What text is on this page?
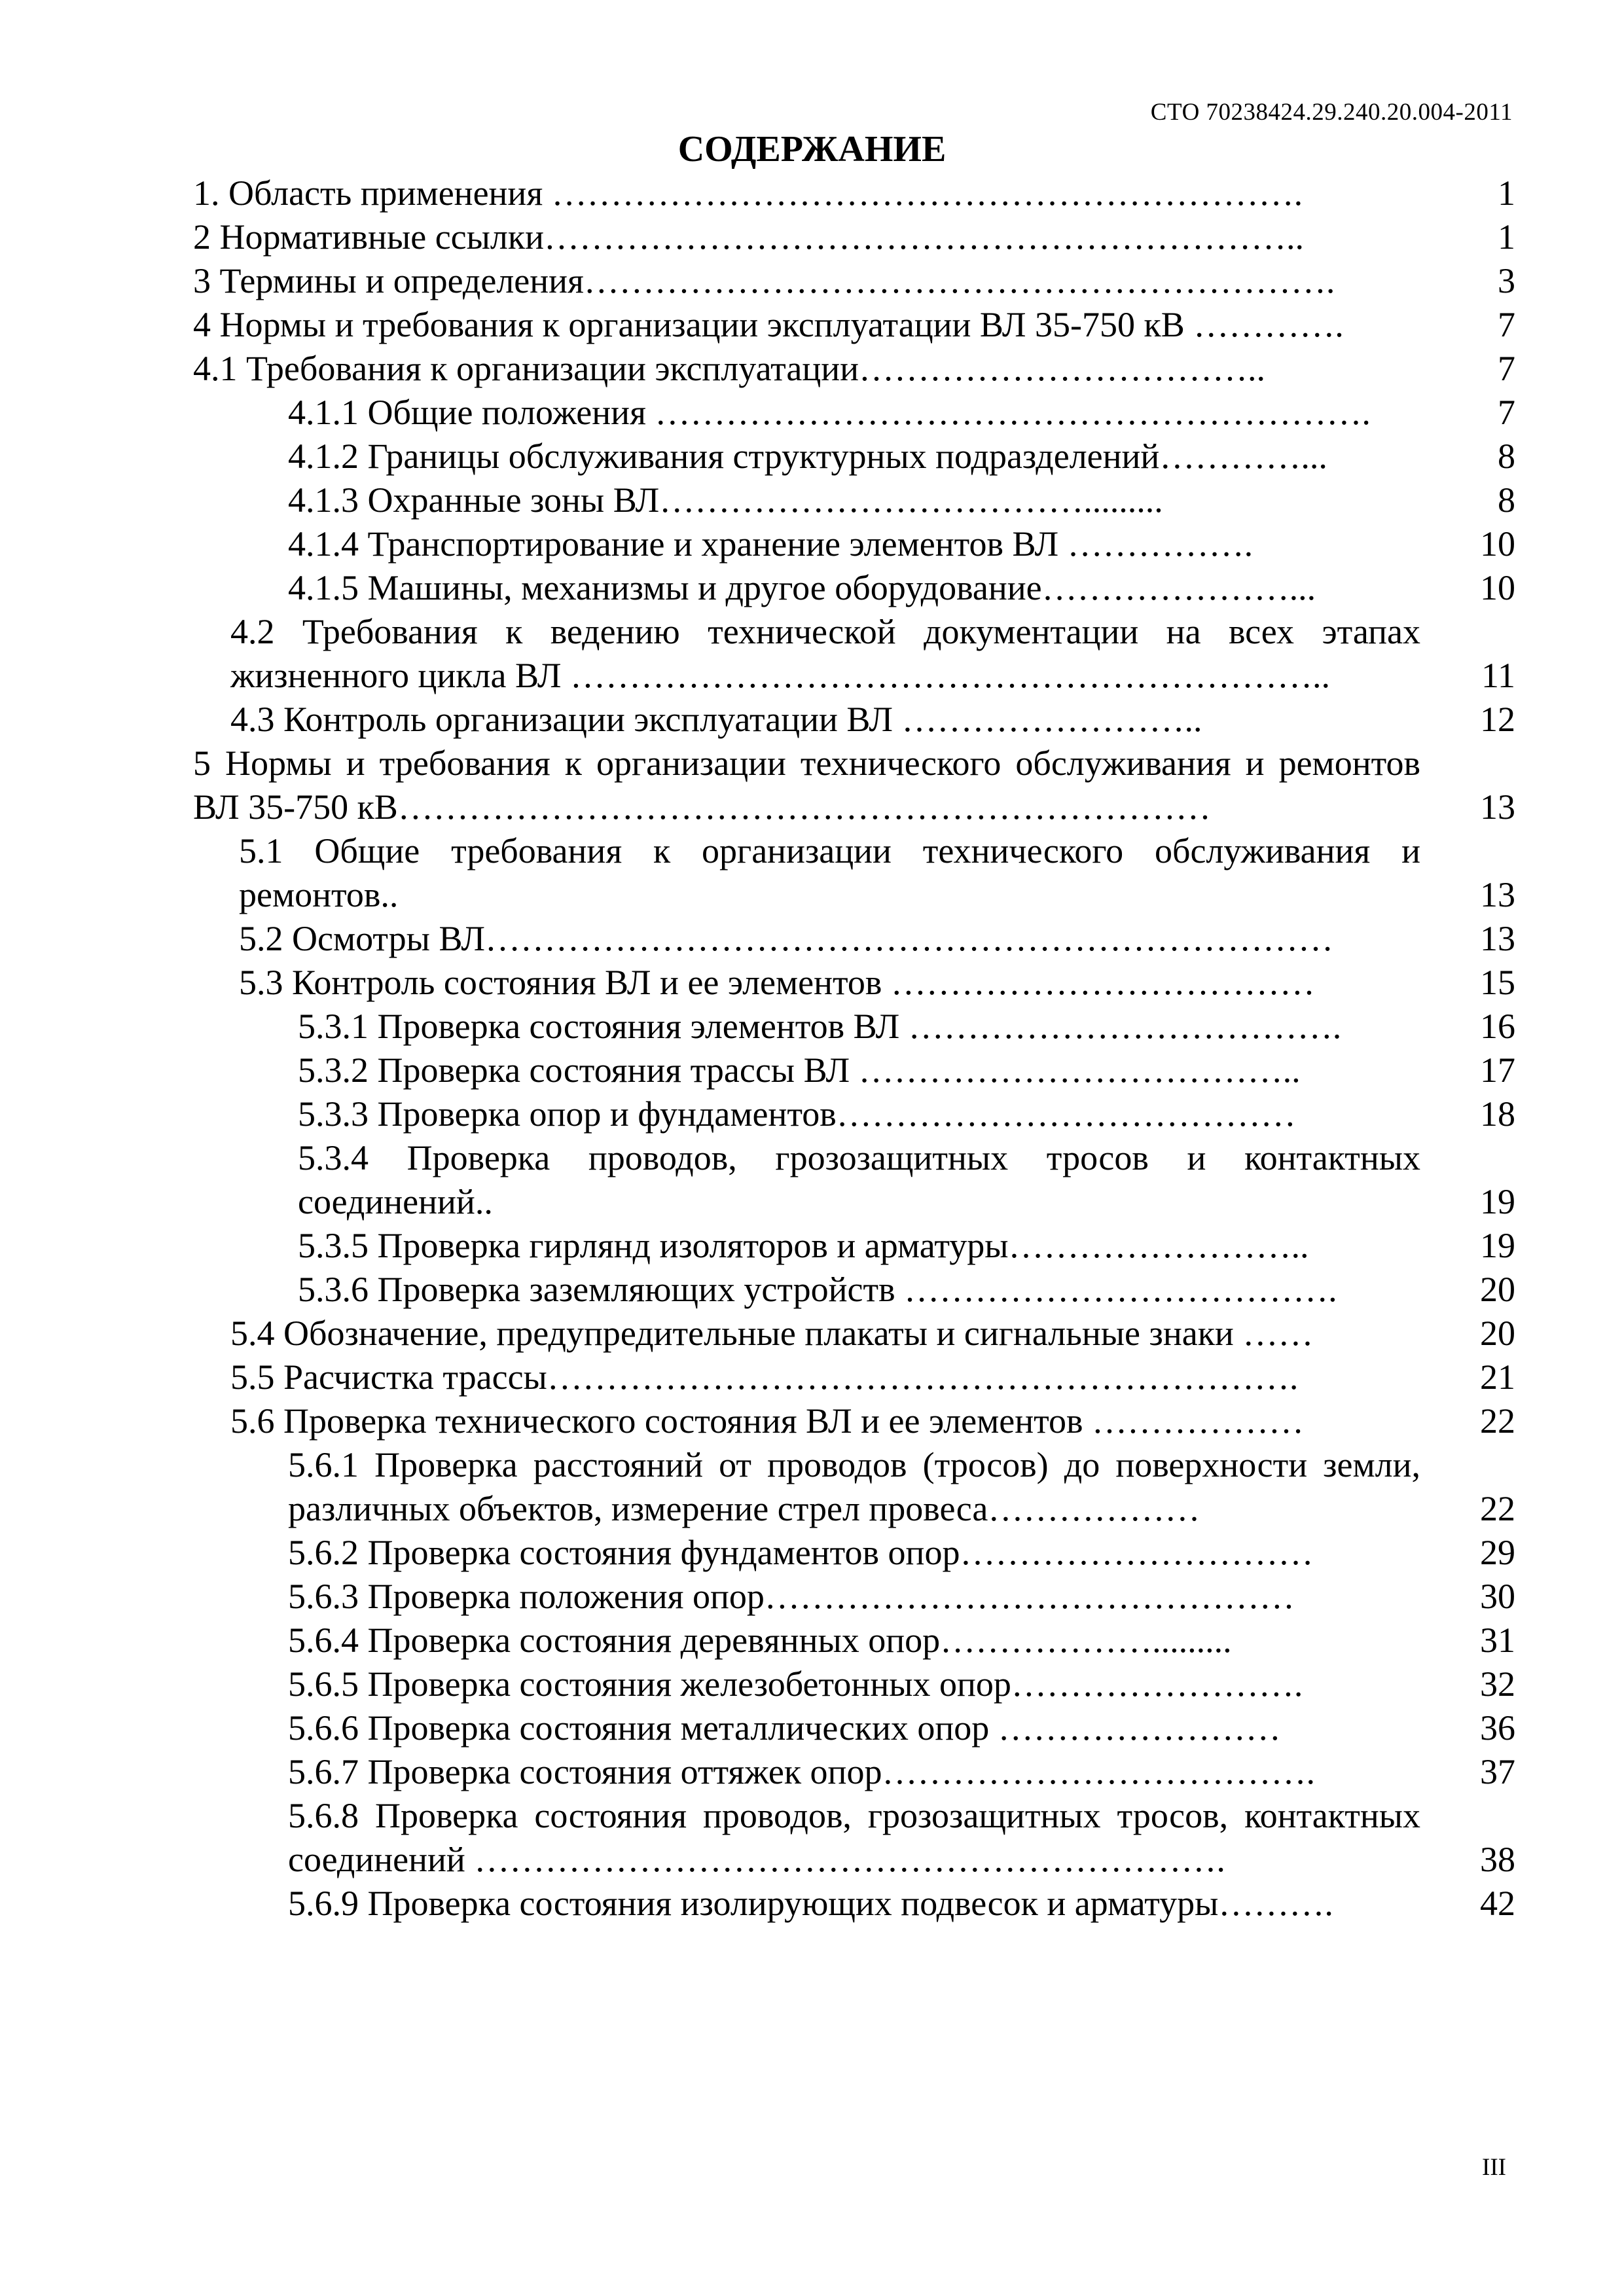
СТО 70238424.29.240.20.004-2011
СОДЕРЖАНИЕ
1. Область применения ……………………………………………………….	1
2 Нормативные ссылки………………………………………………………..	1
3 Термины и определения……………………………………………………….	3
4 Нормы и требования к организации эксплуатации ВЛ 35-750 кВ ………….	7
4.1 Требования к организации эксплуатации……………………………..	7
4.1.1 Общие положения …………………………………………………….	7
4.1.2 Границы обслуживания структурных подразделений…………...	8
4.1.3 Охранные зоны ВЛ……………………………….........	8
4.1.4 Транспортирование и хранение элементов ВЛ …………….	10
4.1.5 Машины, механизмы и другое оборудование…………………...	10
4.2 Требования к ведению технической документации на всех этапах жизненного цикла ВЛ ………………………………………………………..	11
4.3 Контроль организации эксплуатации ВЛ ……………………..	12
5 Нормы и требования к организации технического обслуживания и ремонтов ВЛ 35-750 кВ……………………………………………………………	13
5.1 Общие требования к организации технического обслуживания и ремонтов..	13
5.2 Осмотры ВЛ………………………………………………………………	13
5.3 Контроль состояния ВЛ и ее элементов ………………………………	15
5.3.1 Проверка состояния элементов ВЛ ……………………………….	16
5.3.2 Проверка состояния трассы ВЛ ………………………………..	17
5.3.3 Проверка опор и фундаментов…………………………………	18
5.3.4 Проверка проводов, грозозащитных тросов и контактных соединений..	19
5.3.5 Проверка гирлянд изоляторов и арматуры……………………..	19
5.3.6 Проверка заземляющих устройств ……………………………….	20
5.4 Обозначение, предупредительные плакаты и сигнальные знаки ……	20
5.5 Расчистка трассы……………………………………………………….	21
5.6 Проверка технического состояния ВЛ и ее элементов ………………	22
5.6.1 Проверка расстояний от проводов (тросов) до поверхности земли, различных объектов, измерение стрел провеса………………	22
5.6.2 Проверка состояния фундаментов опор…………………………	29
5.6.3 Проверка положения опор………………………………………	30
5.6.4 Проверка состояния деревянных опор……………….........	31
5.6.5 Проверка состояния железобетонных опор…………………….	32
5.6.6 Проверка состояния металлических опор ……………………	36
5.6.7 Проверка состояния оттяжек опор……………………………….	37
5.6.8 Проверка состояния проводов, грозозащитных тросов, контактных соединений ……………………………………………………….	38
5.6.9 Проверка состояния изолирующих подвесок и арматуры……….	42
III
